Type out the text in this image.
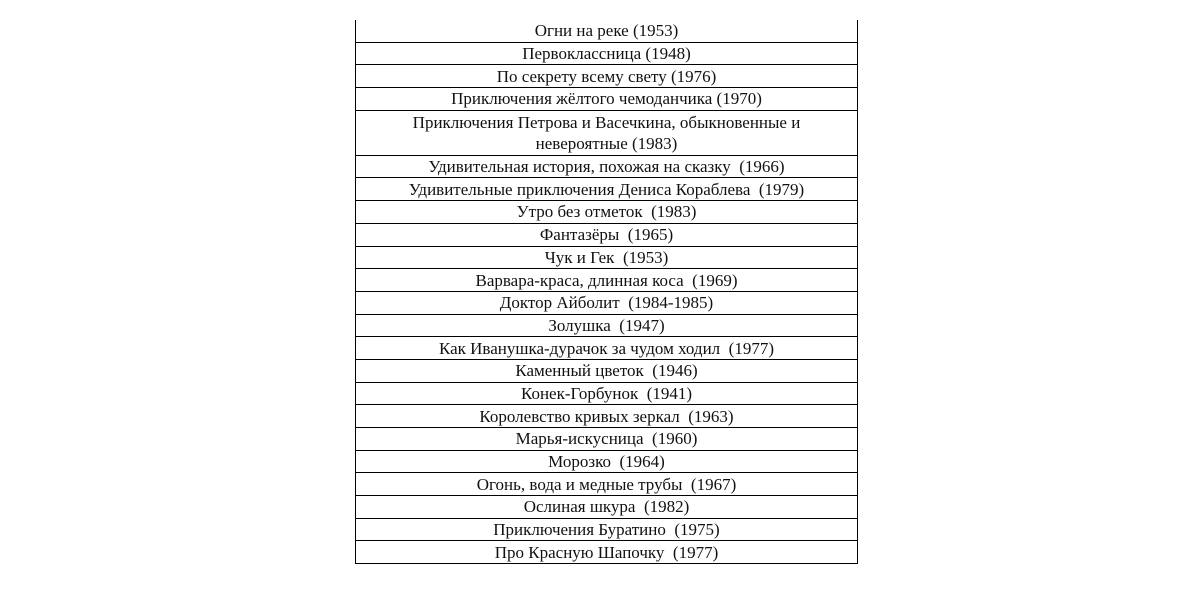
Огни на реке (1953)
Первоклассница (1948)
По секрету всему свету (1976)
Приключения жёлтого чемоданчика (1970)
Приключения Петрова и Васечкина, обыкновенные и невероятные (1983)
Удивительная история, похожая на сказку  (1966)
Удивительные приключения Дениса Кораблева  (1979)
Утро без отметок  (1983)
Фантазёры  (1965)
Чук и Гек  (1953)
Варвара-краса, длинная коса  (1969)
Доктор Айболит  (1984-1985)
Золушка  (1947)
Как Иванушка-дурачок за чудом ходил  (1977)
Каменный цветок  (1946)
Конек-Горбунок  (1941)
Королевство кривых зеркал  (1963)
Марья-искусница  (1960)
Морозко  (1964)
Огонь, вода и медные трубы  (1967)
Ослиная шкура  (1982)
Приключения Буратино  (1975)
Про Красную Шапочку  (1977)
